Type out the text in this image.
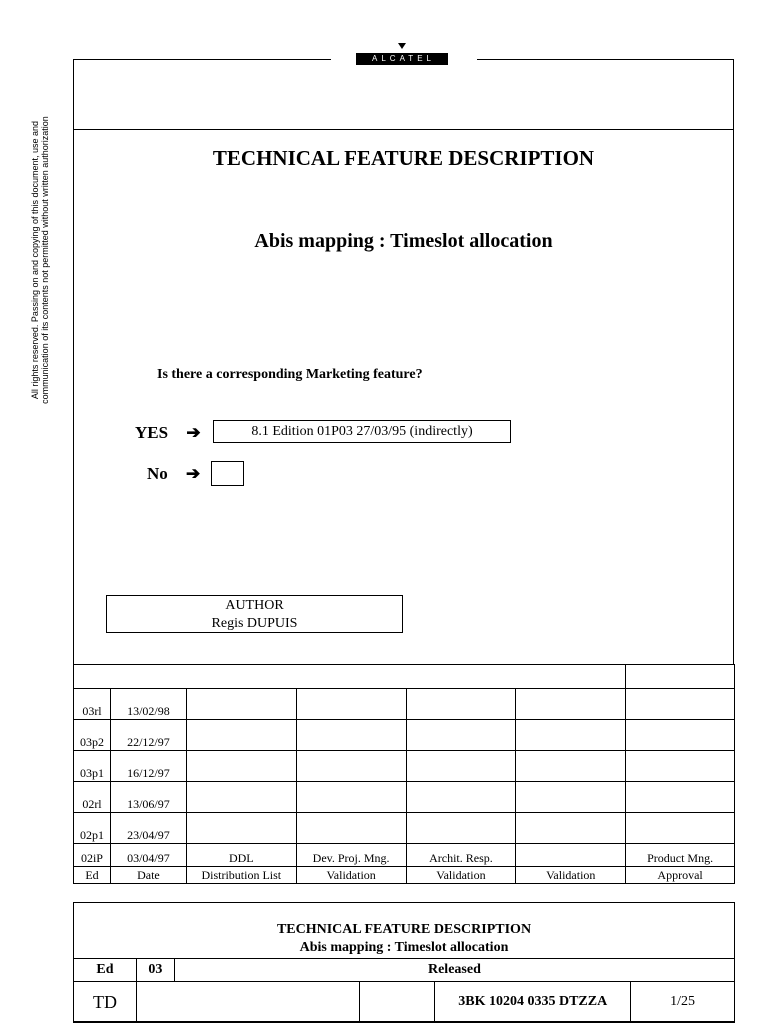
ALCATEL
All rights reserved. Passing on and copying of this document, use and communication of its contents not permitted without written authorization	TECHNICAL FEATURE DESCRIPTION
Abis mapping : Timeslot allocation
Is there a corresponding Marketing feature?
YES ➔	8.1 Edition 01P03 27/03/95 (indirectly)
No ➔
AUTHOR
Regis DUPUIS

03rl	13/02/98					
03p2	22/12/97					
03p1	16/12/97					
02rl	13/06/97					
02p1	23/04/97					
02iP	03/04/97	DDL	Dev. Proj. Mng.	Archit. Resp.		Product Mng.
Ed	Date	Distribution List	Validation	Validation	Validation	Approval
TECHNICAL FEATURE DESCRIPTION
Abis mapping : Timeslot allocation
Ed	03	Released			
TD				3BK 10204 0335 DTZZA	1/25
